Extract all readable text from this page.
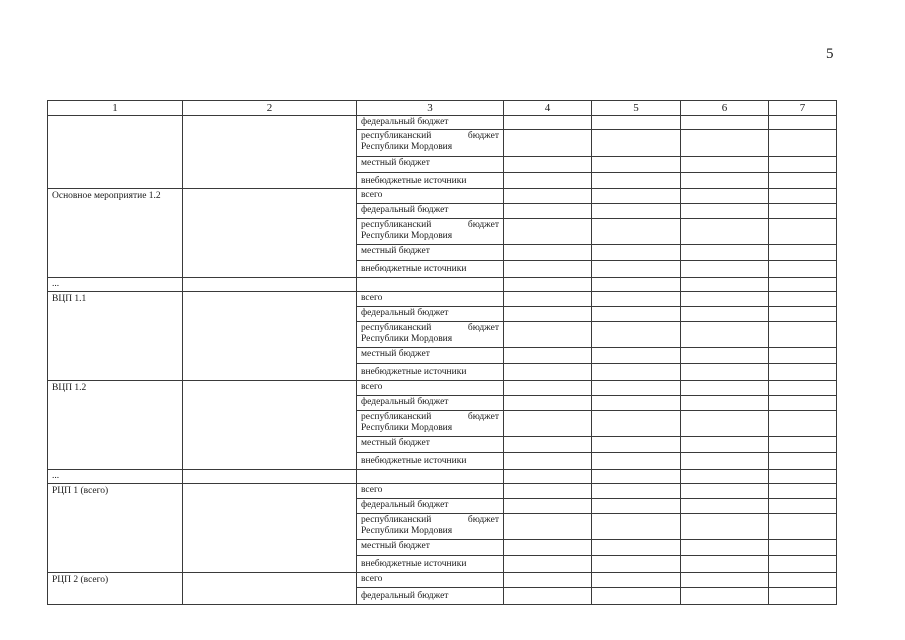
5
1	2	3	4	5	6	7
		федеральный бюджет				
		республиканский бюджет Республики Мордовия				
		местный бюджет				
		внебюджетные источники				
Основное мероприятие 1.2		всего				
		федеральный бюджет				
		республиканский бюджет Республики Мордовия				
		местный бюджет				
		внебюджетные источники				
...						
ВЦП 1.1		всего				
		федеральный бюджет				
		республиканский бюджет Республики Мордовия				
		местный бюджет				
		внебюджетные источники				
ВЦП 1.2		всего				
		федеральный бюджет				
		республиканский бюджет Республики Мордовия				
		местный бюджет				
		внебюджетные источники				
...						
РЦП 1 (всего)		всего				
		федеральный бюджет				
		республиканский бюджет Республики Мордовия				
		местный бюджет				
		внебюджетные источники				
РЦП 2 (всего)		всего				
		федеральный бюджет				
